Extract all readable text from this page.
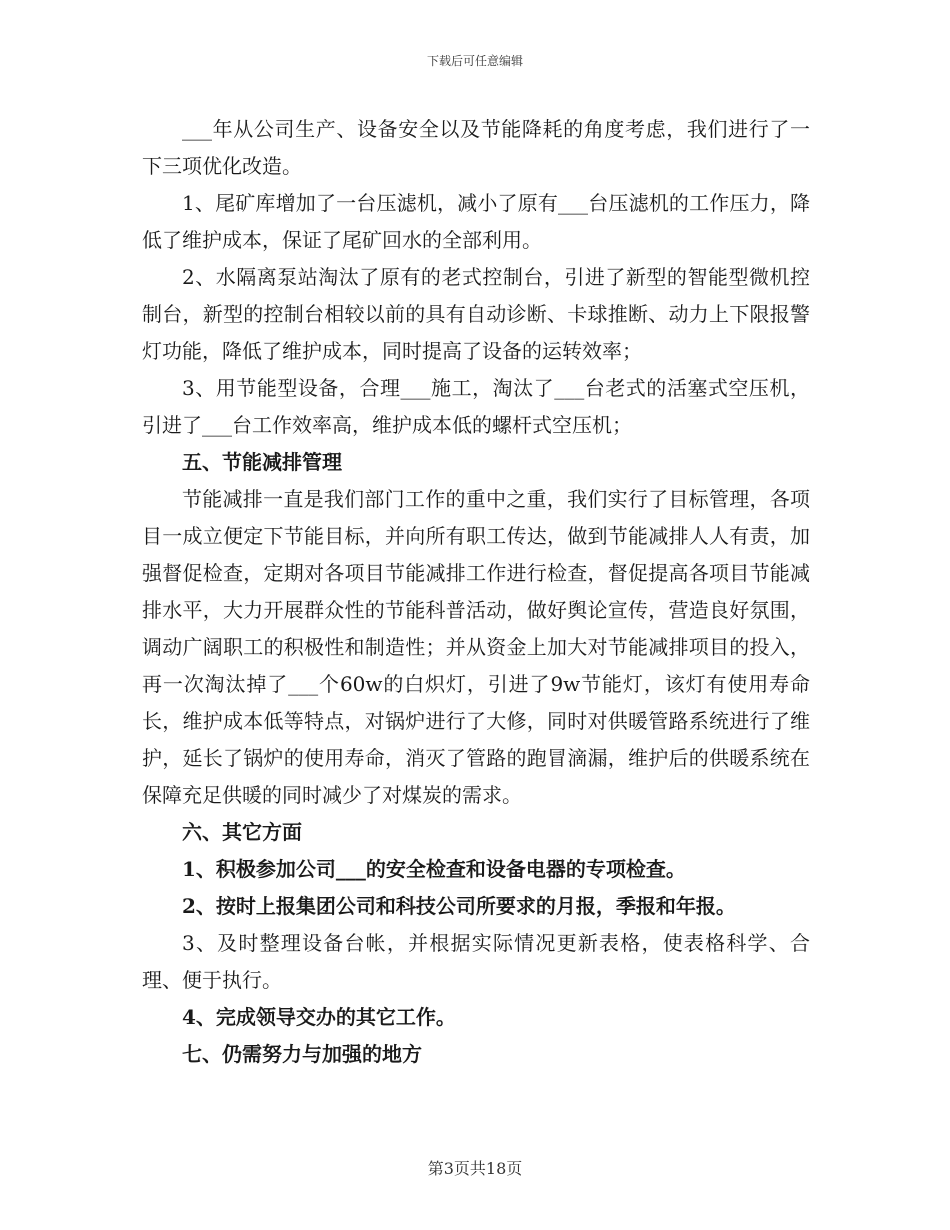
下载后可任意编辑

___年从公司生产、设备安全以及节能降耗的角度考虑，我们进行了一下三项优化改造。

1、尾矿库增加了一台压滤机，减小了原有___台压滤机的工作压力，降低了维护成本，保证了尾矿回水的全部利用。

2、水隔离泵站淘汰了原有的老式控制台，引进了新型的智能型微机控制台，新型的控制台相较以前的具有自动诊断、卡球推断、动力上下限报警灯功能，降低了维护成本，同时提高了设备的运转效率；

3、用节能型设备，合理___施工，淘汰了___台老式的活塞式空压机，引进了___台工作效率高，维护成本低的螺杆式空压机；

五、节能减排管理

节能减排一直是我们部门工作的重中之重，我们实行了目标管理，各项目一成立便定下节能目标，并向所有职工传达，做到节能减排人人有责，加强督促检查，定期对各项目节能减排工作进行检查，督促提高各项目节能减排水平，大力开展群众性的节能科普活动，做好舆论宣传，营造良好氛围，调动广阔职工的积极性和制造性；并从资金上加大对节能减排项目的投入，再一次淘汰掉了___个60w的白炽灯，引进了9w节能灯，该灯有使用寿命长，维护成本低等特点，对锅炉进行了大修，同时对供暖管路系统进行了维护，延长了锅炉的使用寿命，消灭了管路的跑冒滴漏，维护后的供暖系统在保障充足供暖的同时减少了对煤炭的需求。

六、其它方面

1、积极参加公司___的安全检查和设备电器的专项检查。

2、按时上报集团公司和科技公司所要求的月报，季报和年报。

3、及时整理设备台帐，并根据实际情况更新表格，使表格科学、合理、便于执行。

4、完成领导交办的其它工作。

七、仍需努力与加强的地方

第3页共18页
